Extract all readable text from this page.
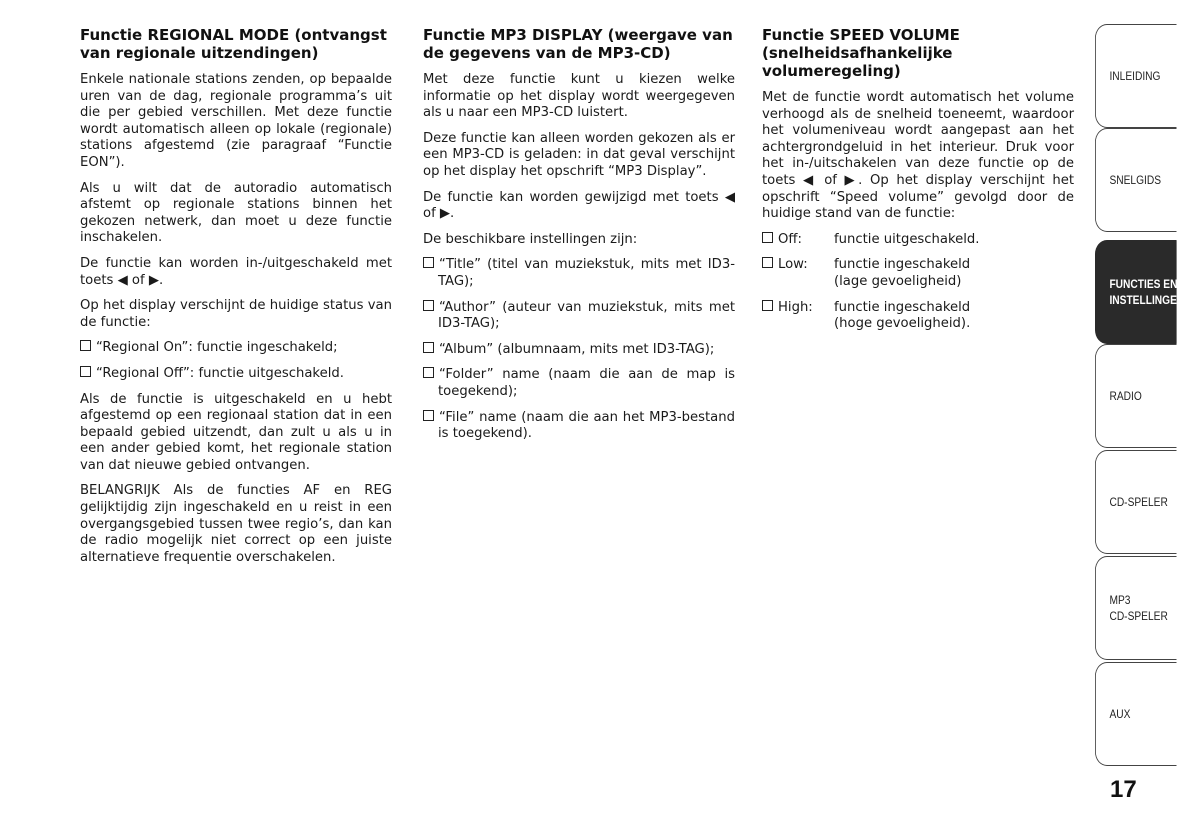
Functie REGIONAL MODE (ontvangst van regionale uitzendingen)

Enkele nationale stations zenden, op bepaalde uren van de dag, regionale programma’s uit die per gebied verschillen. Met deze functie wordt automatisch alleen op lokale (regionale) stations afgestemd (zie paragraaf “Functie EON”).

Als u wilt dat de autoradio automatisch afstemt op regionale stations binnen het gekozen netwerk, dan moet u deze functie inschakelen.

De functie kan worden in-/uitgeschakeld met toets ◀ of ▶.

Op het display verschijnt de huidige status van de functie:

“Regional On”: functie ingeschakeld;
“Regional Off”: functie uitgeschakeld.

Als de functie is uitgeschakeld en u hebt afgestemd op een regionaal station dat in een bepaald gebied uitzendt, dan zult u als u in een ander gebied komt, het regionale station van dat nieuwe gebied ontvangen.

BELANGRIJK Als de functies AF en REG gelijktijdig zijn ingeschakeld en u reist in een overgangsgebied tussen twee regio’s, dan kan de radio mogelijk niet correct op een juiste alternatieve frequentie overschakelen.

Functie MP3 DISPLAY (weergave van de gegevens van de MP3-CD)

Met deze functie kunt u kiezen welke informatie op het display wordt weergegeven als u naar een MP3-CD luistert.

Deze functie kan alleen worden gekozen als er een MP3-CD is geladen: in dat geval verschijnt op het display het opschrift “MP3 Display”.

De functie kan worden gewijzigd met toets ◀ of ▶.

De beschikbare instellingen zijn:

“Title” (titel van muziekstuk, mits met ID3-TAG);
“Author” (auteur van muziekstuk, mits met ID3-TAG);
“Album” (albumnaam, mits met ID3-TAG);
“Folder” name (naam die aan de map is toegekend);
“File” name (naam die aan het MP3-bestand is toegekend).
Functie SPEED VOLUME (snelheidsafhankelijke volumeregeling)

Met de functie wordt automatisch het volume verhoogd als de snelheid toeneemt, waardoor het volumeniveau wordt aangepast aan het achtergrondgeluid in het interieur. Druk voor het in-/uitschakelen van deze functie op de toets ◀ of ▶. Op het display verschijnt het opschrift “Speed volume” gevolgd door de huidige stand van de functie:

Off:	functie uitgeschakeld.
Low:	functie ingeschakeld
(lage gevoeligheid)
High:	functie ingeschakeld
(hoge gevoeligheid).
INLEIDING
SNELGIDS
FUNCTIES EN
INSTELLINGEN
RADIO
CD-SPELER
MP3
CD-SPELER
AUX
17
